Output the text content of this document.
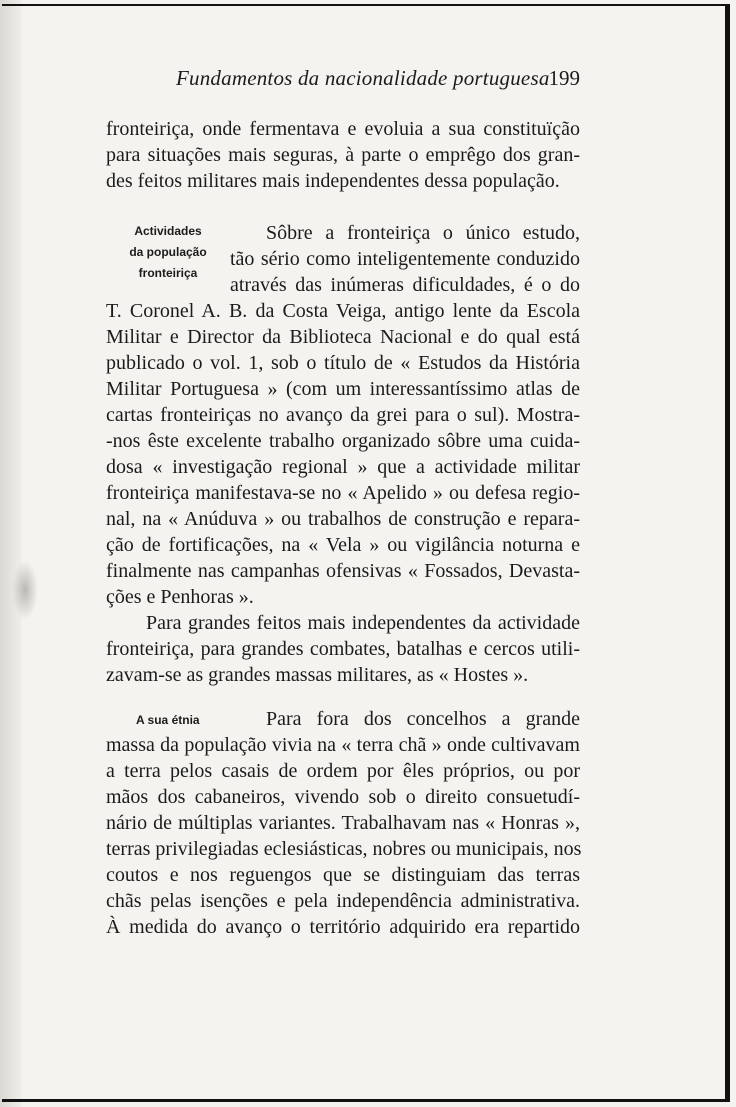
Fundamentos da nacionalidade portuguesa
199
fronteiriça, onde fermentava e evoluia a sua constituïção
para situações mais seguras, à parte o emprêgo dos gran-
des feitos militares mais independentes dessa população.
Actividades
da população
fronteiriça
Sôbre a fronteiriça o único estudo,
tão sério como inteligentemente conduzido
através das inúmeras dificuldades, é o do
T. Coronel A. B. da Costa Veiga, antigo lente da Escola
Militar e Director da Biblioteca Nacional e do qual está
publicado o vol. 1, sob o título de « Estudos da História
Militar Portuguesa » (com um interessantíssimo atlas de
cartas fronteiriças no avanço da grei para o sul). Mostra-
-nos êste excelente trabalho organizado sôbre uma cuida-
dosa « investigação regional » que a actividade militar
fronteiriça manifestava-se no « Apelido » ou defesa regio-
nal, na « Anúduva » ou trabalhos de construção e repara-
ção de fortificações, na « Vela » ou vigilância noturna e
finalmente nas campanhas ofensivas « Fossados, Devasta-
ções e Penhoras ».
Para grandes feitos mais independentes da actividade
fronteiriça, para grandes combates, batalhas e cercos utili-
zavam-se as grandes massas militares, as « Hostes ».
A sua étnia	Para fora dos concelhos a grande
massa da população vivia na « terra chã » onde cultivavam
a terra pelos casais de ordem por êles próprios, ou por
mãos dos cabaneiros, vivendo sob o direito consuetudí-
nário de múltiplas variantes. Trabalhavam nas « Honras »,
terras privilegiadas eclesiásticas, nobres ou municipais, nos
coutos e nos reguengos que se distinguiam das terras
chãs pelas isenções e pela independência administrativa.
À medida do avanço o território adquirido era repartido
